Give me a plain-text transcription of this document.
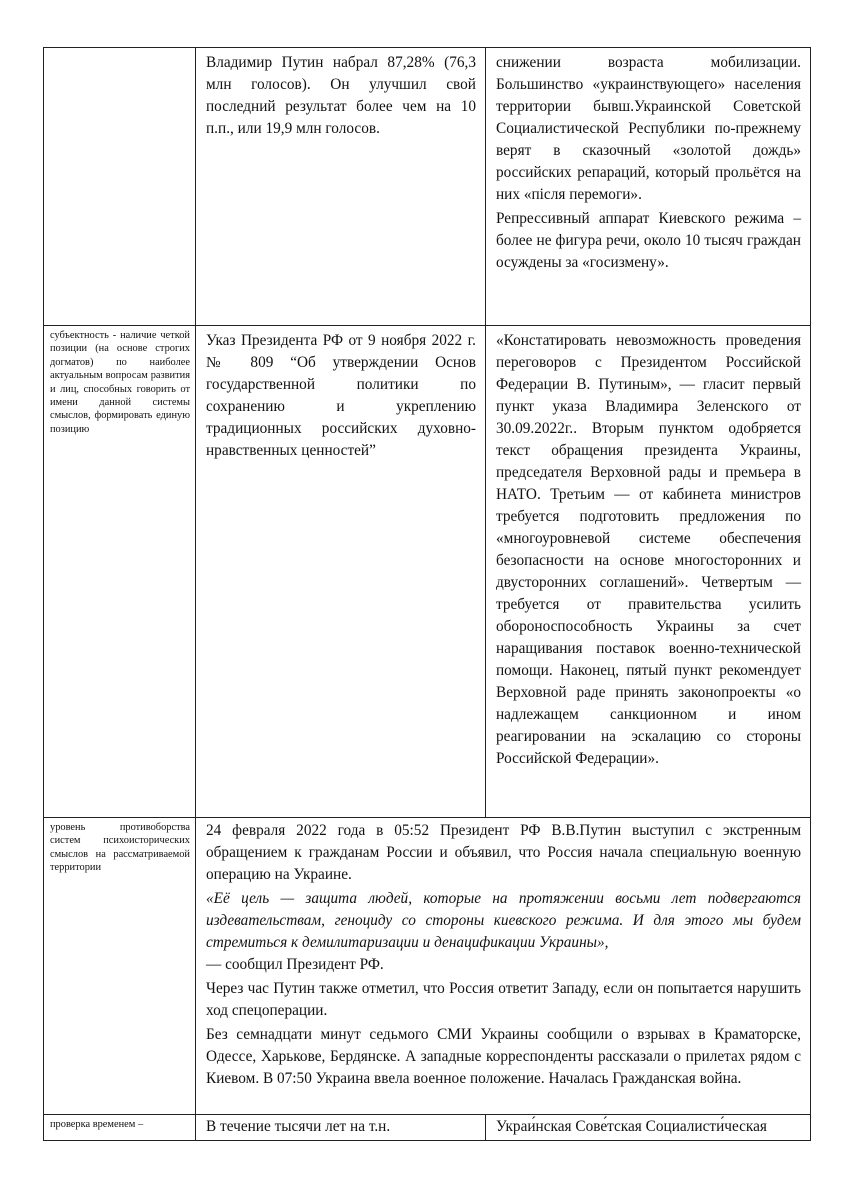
	Владимир Путин набрал 87,28% (76,3 млн голосов). Он улучшил свой последний результат более чем на 10 п.п., или 19,9 млн голосов.	снижении возраста мобилизации. Большинство «украинствующего» населения территории бывш.Украинской Советской Социалистической Республики по-прежнему верят в сказочный «золотой дождь» российских репараций, который прольётся на них «після перемоги».

Репрессивный аппарат Киевского режима – более не фигура речи, около 10 тысяч граждан осуждены за «госизмену».

субъектность - наличие четкой позиции (на основе строгих догматов) по наиболее актуальным вопросам развития и лиц, способных говорить от имени данной системы смыслов, формировать единую позицию	Указ Президента РФ от 9 ноября 2022 г. № 809 “Об утверждении Основ государственной политики по сохранению и укреплению традиционных российских духовно-нравственных ценностей”	«Констатировать невозможность проведения переговоров с Президентом Российской Федерации В. Путиным», — гласит первый пункт указа Владимира Зеленского от 30.09.2022г.. Вторым пунктом одобряется текст обращения президента Украины, председателя Верховной рады и премьера в НАТО. Третьим — от кабинета министров требуется подготовить предложения по «многоуровневой системе обеспечения безопасности на основе многосторонних и двусторонних соглашений». Четвертым — требуется от правительства усилить обороноспособность Украины за счет наращивания поставок военно-технической помощи. Наконец, пятый пункт рекомендует Верховной раде принять законопроекты «о надлежащем санкционном и ином реагировании на эскалацию со стороны Российской Федерации».

уровень противоборства систем психоисторических смыслов на рассматриваемой территории	24 февраля 2022 года в 05:52 Президент РФ В.В.Путин выступил с экстренным обращением к гражданам России и объявил, что Россия начала специальную военную операцию на Украине.

«Её цель — защита людей, которые на протяжении восьми лет подвергаются издевательствам, геноциду со стороны киевского режима. И для этого мы будем стремиться к демилитаризации и денацификации Украины»,

— сообщил Президент РФ.

Через час Путин также отметил, что Россия ответит Западу, если он попытается нарушить ход спецоперации.

Без семнадцати минут седьмого СМИ Украины сообщили о взрывах в Краматорске, Одессе, Харькове, Бердянске. А западные корреспонденты рассказали о прилетах рядом с Киевом. В 07:50 Украина ввела военное положение. Началась Гражданская война.	

проверка временем –	В течение тысячи лет на т.н.	Украи́нская Сове́тская Социалисти́ческая
